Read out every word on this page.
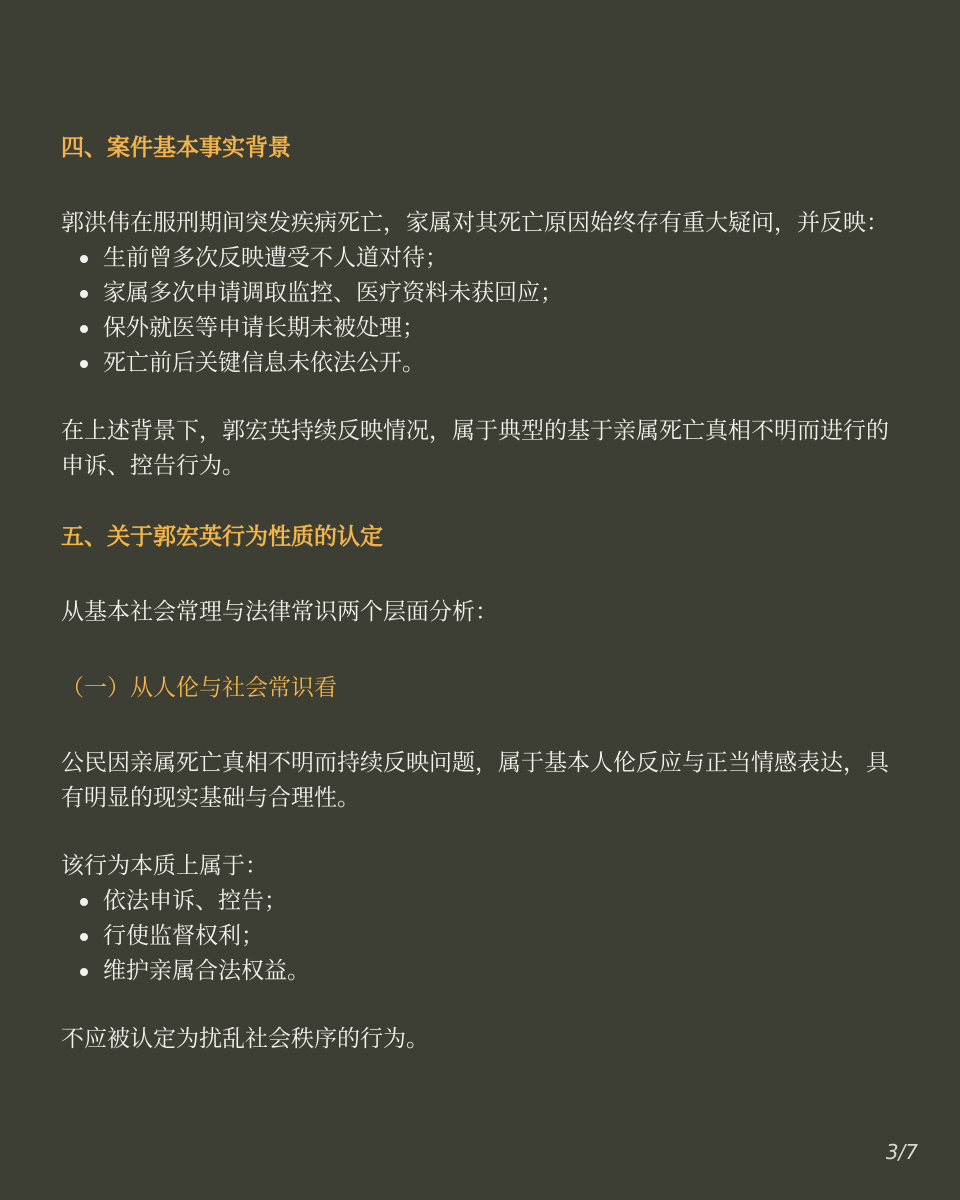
四、案件基本事实背景

郭洪伟在服刑期间突发疾病死亡，家属对其死亡原因始终存有重大疑问，并反映：

生前曾多次反映遭受不人道对待；
家属多次申请调取监控、医疗资料未获回应；
保外就医等申请长期未被处理；
死亡前后关键信息未依法公开。

在上述背景下，郭宏英持续反映情况，属于典型的基于亲属死亡真相不明而进行的申诉、控告行为。

五、关于郭宏英行为性质的认定

从基本社会常理与法律常识两个层面分析：

（一）从人伦与社会常识看

公民因亲属死亡真相不明而持续反映问题，属于基本人伦反应与正当情感表达，具有明显的现实基础与合理性。

该行为本质上属于：

依法申诉、控告；
行使监督权利；
维护亲属合法权益。

不应被认定为扰乱社会秩序的行为。

3/7
